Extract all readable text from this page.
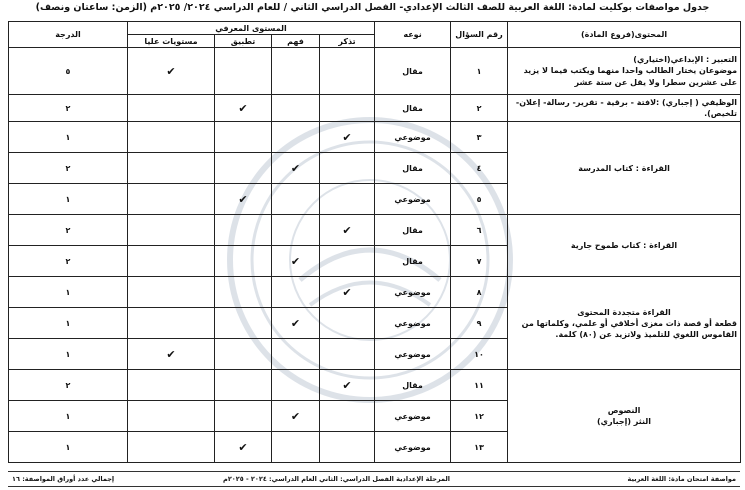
جدول مواصفات بوكليت لمادة: اللغة العربية للصف الثالث الإعدادي- الفصل الدراسي الثاني / للعام الدراسي ٢٠٢٤/ ٢٠٢٥م (الزمن: ساعتان ونصف)
المحتوى(فروع المادة)	رقم السؤال	نوعه	المستوى المعرفي				الدرجة
			تذكر	فهم	تطبيق	مستويات عليا	

التعبير : الإبداعي(اختياري)
موضوعان يختار الطالب واحدا منهما ويكتب فيما لا يزيد على عشرين سطرا ولا يقل عن ستة عشر	١	مقال				✔	٥
الوظيفي ( إجباري) :لافتة - برقية - تقرير- رسالة- إعلان- تلخيص).	٢	مقال			✔		٢
القراءة : كتاب المدرسة	٣	موضوعي	✔				١
	٤	مقال		✔			٢
	٥	موضوعي			✔		١
القراءة : كتاب طموح جارية	٦	مقال	✔				٢
	٧	مقال		✔			٢

القراءة متجددة المحتوى
قطعة أو قصة ذات مغزى أخلاقي أو علمي، وكلماتها من القاموس اللغوي للتلميذ ولاتزيد عن (٨٠) كلمة.	٨	موضوعي	✔				١
	٩	موضوعي		✔			١
	١٠	موضوعي				✔	١

النصوص
النثر (إجباري)	١١	مقال	✔				٢
	١٢	موضوعي		✔			١
	١٣	موضوعي			✔		١
مواصفة امتحان مادة: اللغة العربية
المرحلة الإعدادية الفصل الدراسي: الثاني العام الدراسي: ٢٠٢٤ - ٢٠٢٥م
إجمالي عدد أوراق المواصفة: ١٦
